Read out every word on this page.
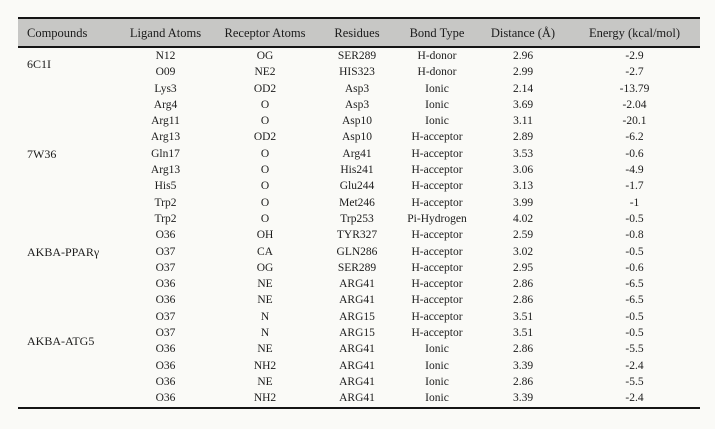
Compounds	Ligand Atoms	Receptor Atoms	Residues	Bond Type	Distance (Å)	Energy (kcal/mol)
6C1I	N12	OG	SER289	H-donor	2.96	-2.9
	O09	NE2	HIS323	H-donor	2.99	-2.7
7W36	Lys3	OD2	Asp3	Ionic	2.14	-13.79
	Arg4	O	Asp3	Ionic	3.69	-2.04
	Arg11	O	Asp10	Ionic	3.11	-20.1
	Arg13	OD2	Asp10	H-acceptor	2.89	-6.2
	Gln17	O	Arg41	H-acceptor	3.53	-0.6
	Arg13	O	His241	H-acceptor	3.06	-4.9
	His5	O	Glu244	H-acceptor	3.13	-1.7
	Trp2	O	Met246	H-acceptor	3.99	-1
	Trp2	O	Trp253	Pi-Hydrogen	4.02	-0.5
AKBA-PPARγ	O36	OH	TYR327	H-acceptor	2.59	-0.8
	O37	CA	GLN286	H-acceptor	3.02	-0.5
	O37	OG	SER289	H-acceptor	2.95	-0.6
AKBA-ATG5	O36	NE	ARG41	H-acceptor	2.86	-6.5
	O36	NE	ARG41	H-acceptor	2.86	-6.5
	O37	N	ARG15	H-acceptor	3.51	-0.5
	O37	N	ARG15	H-acceptor	3.51	-0.5
	O36	NE	ARG41	Ionic	2.86	-5.5
	O36	NH2	ARG41	Ionic	3.39	-2.4
	O36	NE	ARG41	Ionic	2.86	-5.5
	O36	NH2	ARG41	Ionic	3.39	-2.4
